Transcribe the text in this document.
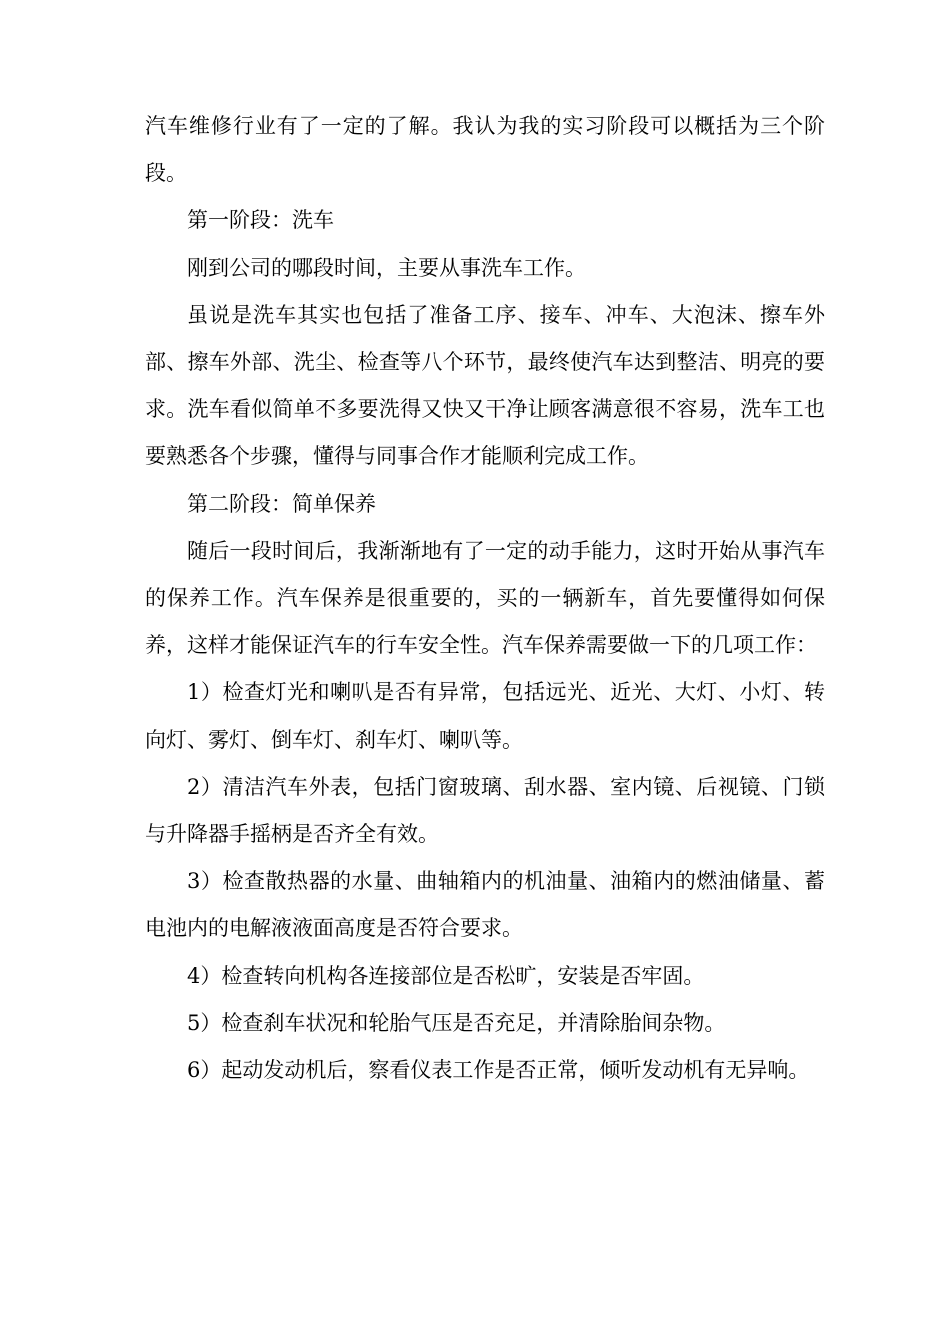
汽车维修行业有了一定的了解。我认为我的实习阶段可以概括为三个阶段。

第一阶段：洗车

刚到公司的哪段时间，主要从事洗车工作。

虽说是洗车其实也包括了准备工序、接车、冲车、大泡沫、擦车外部、擦车外部、洗尘、检查等八个环节，最终使汽车达到整洁、明亮的要求。洗车看似简单不多要洗得又快又干净让顾客满意很不容易，洗车工也要熟悉各个步骤，懂得与同事合作才能顺利完成工作。

第二阶段：简单保养

随后一段时间后，我渐渐地有了一定的动手能力，这时开始从事汽车的保养工作。汽车保养是很重要的，买的一辆新车，首先要懂得如何保养，这样才能保证汽车的行车安全性。汽车保养需要做一下的几项工作：

1）检查灯光和喇叭是否有异常，包括远光、近光、大灯、小灯、转向灯、雾灯、倒车灯、刹车灯、喇叭等。

2）清洁汽车外表，包括门窗玻璃、刮水器、室内镜、后视镜、门锁与升降器手摇柄是否齐全有效。

3）检查散热器的水量、曲轴箱内的机油量、油箱内的燃油储量、蓄电池内的电解液液面高度是否符合要求。

4）检查转向机构各连接部位是否松旷，安装是否牢固。

5）检查刹车状况和轮胎气压是否充足，并清除胎间杂物。

6）起动发动机后，察看仪表工作是否正常，倾听发动机有无异响。
